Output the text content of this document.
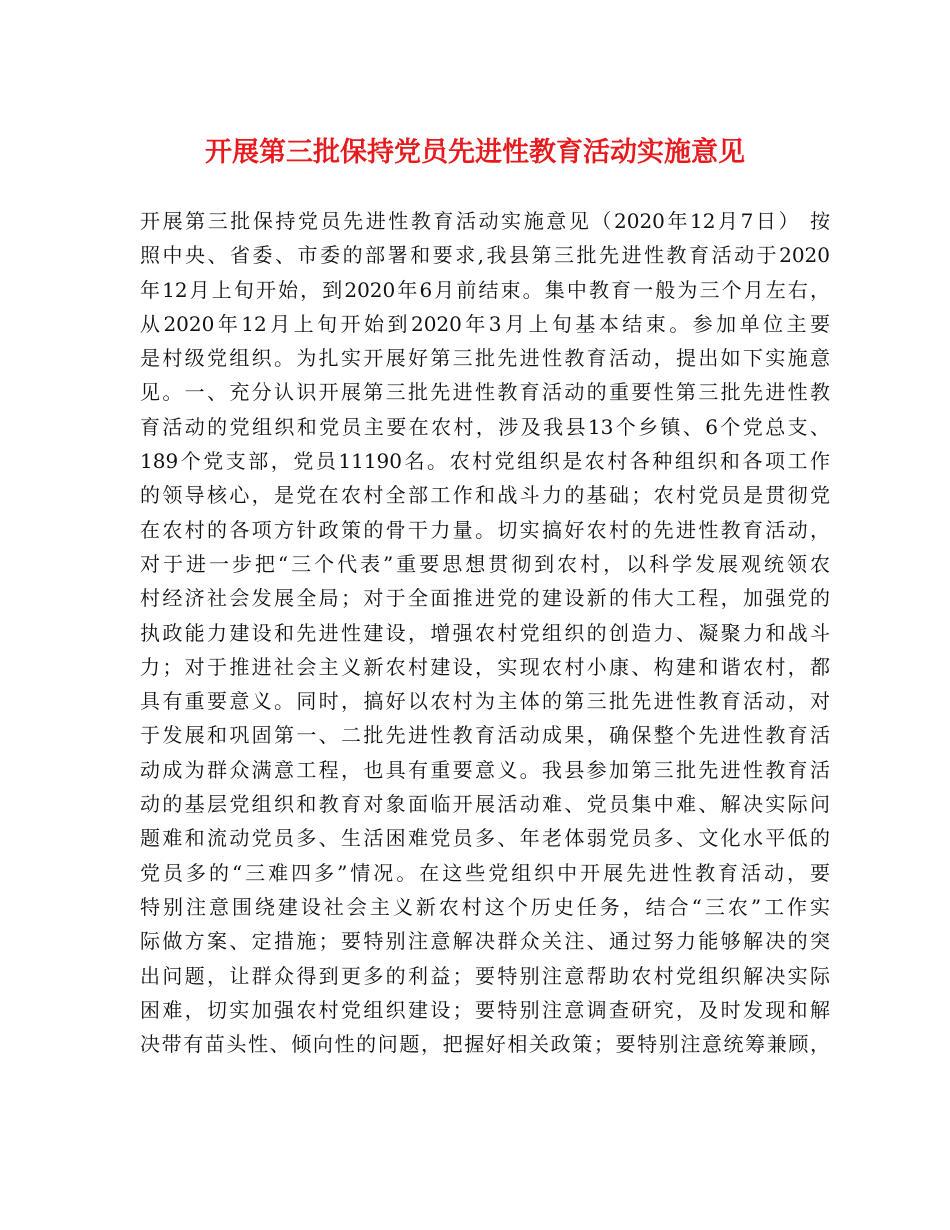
开展第三批保持党员先进性教育活动实施意见
开展第三批保持党员先进性教育活动实施意见（2020年12月7日） 按
照中央、省委、市委的部署和要求,我县第三批先进性教育活动于2020
年12月上旬开始，到2020年6月前结束。集中教育一般为三个月左右，
从2020年12月上旬开始到2020年3月上旬基本结束。参加单位主要
是村级党组织。为扎实开展好第三批先进性教育活动，提出如下实施意
见。一、充分认识开展第三批先进性教育活动的重要性第三批先进性教
育活动的党组织和党员主要在农村，涉及我县13个乡镇、6个党总支、
189个党支部，党员11190名。农村党组织是农村各种组织和各项工作
的领导核心，是党在农村全部工作和战斗力的基础；农村党员是贯彻党
在农村的各项方针政策的骨干力量。切实搞好农村的先进性教育活动，
对于进一步把“三个代表”重要思想贯彻到农村，以科学发展观统领农
村经济社会发展全局；对于全面推进党的建设新的伟大工程，加强党的
执政能力建设和先进性建设，增强农村党组织的创造力、凝聚力和战斗
力；对于推进社会主义新农村建设，实现农村小康、构建和谐农村，都
具有重要意义。同时，搞好以农村为主体的第三批先进性教育活动，对
于发展和巩固第一、二批先进性教育活动成果，确保整个先进性教育活
动成为群众满意工程，也具有重要意义。我县参加第三批先进性教育活
动的基层党组织和教育对象面临开展活动难、党员集中难、解决实际问
题难和流动党员多、生活困难党员多、年老体弱党员多、文化水平低的
党员多的“三难四多”情况。在这些党组织中开展先进性教育活动，要
特别注意围绕建设社会主义新农村这个历史任务，结合“三农”工作实
际做方案、定措施；要特别注意解决群众关注、通过努力能够解决的突
出问题，让群众得到更多的利益；要特别注意帮助农村党组织解决实际
困难，切实加强农村党组织建设；要特别注意调查研究，及时发现和解
决带有苗头性、倾向性的问题，把握好相关政策；要特别注意统筹兼顾，
